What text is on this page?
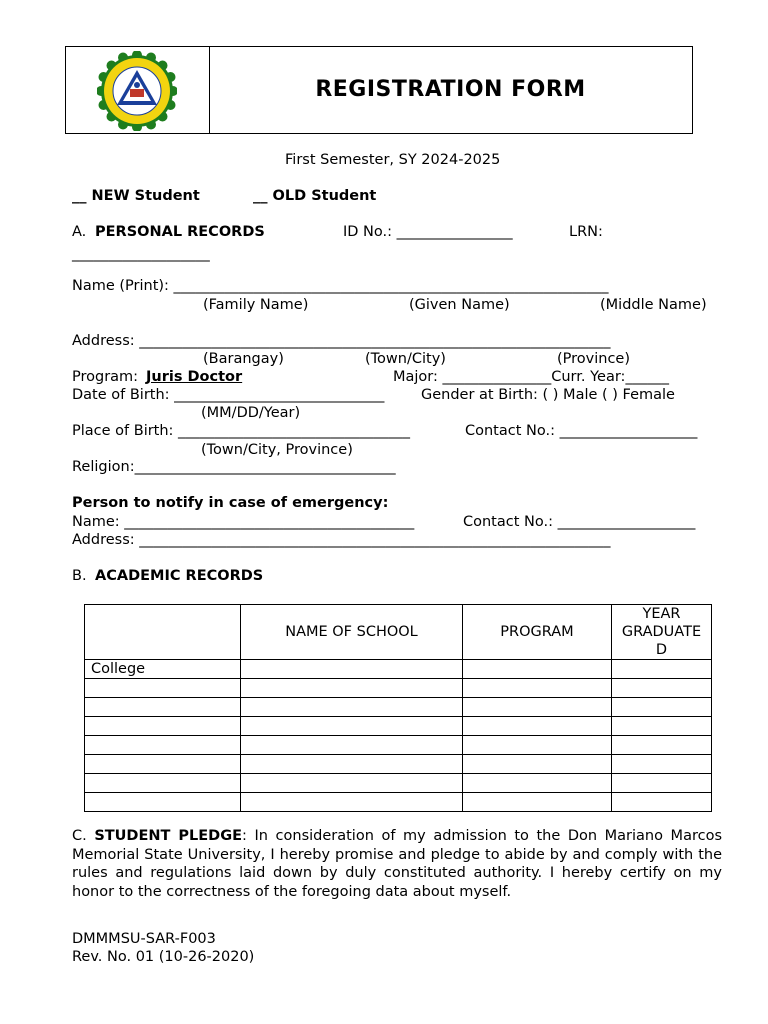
REGISTRATION FORM
First Semester, SY 2024-2025
__ NEW Student	__ OLD Student
A. PERSONAL RECORDS	ID No.: ________________	LRN:
___________________
Name (Print): ____________________________________________________________
(Family Name)	(Given Name)	(Middle Name)
Address: _________________________________________________________________
(Barangay)	(Town/City)	(Province)
Program: Juris Doctor	Major: _______________Curr. Year:______
Date of Birth: _____________________________	Gender at Birth: ( ) Male ( ) Female
(MM/DD/Year)
Place of Birth: ________________________________	Contact No.: ___________________
(Town/City, Province)
Religion:____________________________________
Person to notify in case of emergency:
Name: ________________________________________	Contact No.: ___________________
Address: _________________________________________________________________
B. ACADEMIC RECORDS
	NAME OF SCHOOL	PROGRAM	YEAR GRADUATE D
College			

C. STUDENT PLEDGE: In consideration of my admission to the Don Mariano Marcos Memorial State University, I hereby promise and pledge to abide by and comply with the rules and regulations laid down by duly constituted authority. I hereby certify on my honor to the correctness of the foregoing data about myself.
DMMMSU-SAR-F003
Rev. No. 01 (10-26-2020)
